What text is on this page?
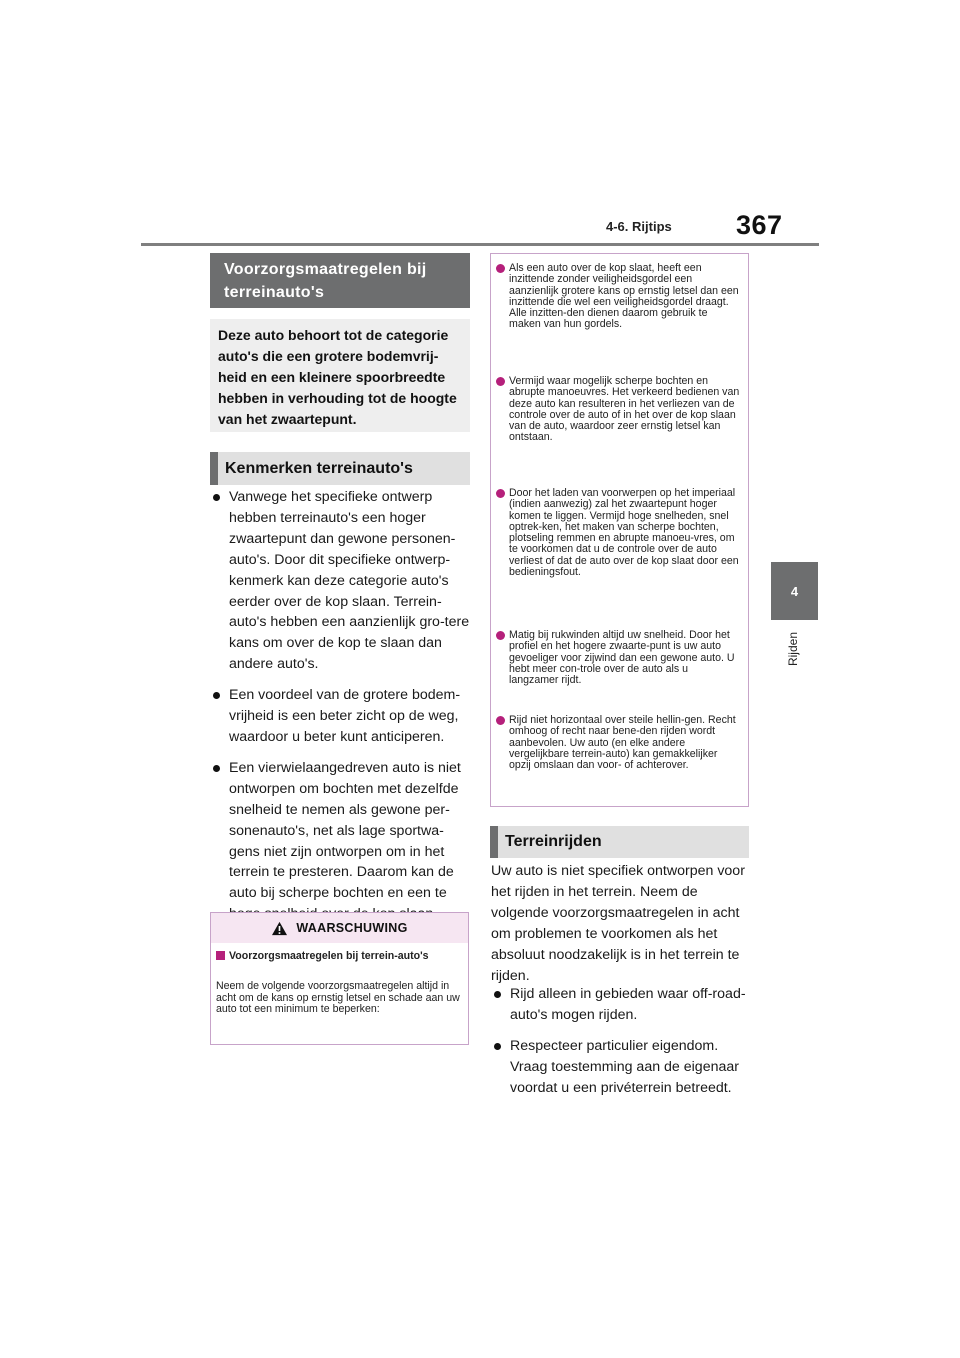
4-6. Rijtips 367
4
Rijden
Voorzorgsmaatregelen bij terreinauto's
Deze auto behoort tot de categorie auto's die een grotere bodemvrij-heid en een kleinere spoorbreedte hebben in verhouding tot de hoogte van het zwaartepunt.
Kenmerken terreinauto's
Vanwege het specifieke ontwerp hebben terreinauto's een hoger zwaartepunt dan gewone personen-auto's. Door dit specifieke ontwerp-kenmerk kan deze categorie auto's eerder over de kop slaan. Terrein-auto's hebben een aanzienlijk gro-tere kans om over de kop te slaan dan andere auto's.
Een voordeel van de grotere bodem-vrijheid is een beter zicht op de weg, waardoor u beter kunt anticiperen.
Een vierwielaangedreven auto is niet ontworpen om bochten met dezelfde snelheid te nemen als gewone per-sonenauto's, net als lage sportwa-gens niet zijn ontworpen om in het terrein te presteren. Daarom kan de auto bij scherpe bochten en een te
WAARSCHUWING
Voorzorgsmaatregelen bij terrein-auto's
Neem de volgende voorzorgsmaatregelen altijd in acht om de kans op ernstig letsel en schade aan uw auto tot een minimum te beperken:
Als een auto over de kop slaat, heeft een inzittende zonder veiligheidsgordel een aanzienlijk grotere kans op ernstig letsel dan een inzittende die wel een veiligheidsgordel draagt. Alle inzitten-den dienen daarom gebruik te maken van hun gordels.
Vermijd waar mogelijk scherpe bochten en abrupte manoeuvres. Het verkeerd bedienen van deze auto kan resulteren in het verliezen van de controle over de auto of in het over de kop slaan van de auto, waardoor zeer ernstig letsel kan ontstaan.
Door het laden van voorwerpen op het imperiaal (indien aanwezig) zal het zwaartepunt hoger komen te liggen. Vermijd hoge snelheden, snel optrek-ken, het maken van scherpe bochten, plotseling remmen en abrupte manoeu-vres, om te voorkomen dat u de controle over de auto verliest of dat de auto over de kop slaat door een bedieningsfout.
Matig bij rukwinden altijd uw snelheid. Door het profiel en het hogere zwaarte-punt is uw auto gevoeliger voor zijwind dan een gewone auto. U hebt meer con-trole over de auto als u langzamer rijdt.
Rijd niet horizontaal over steile hellin-gen. Recht omhoog of recht naar bene-den rijden wordt aanbevolen. Uw auto (en elke andere vergelijkbare terrein-auto) kan gemakkelijker opzij omslaan dan voor- of achterover.
Terreinrijden
Uw auto is niet specifiek ontworpen voor het rijden in het terrein. Neem de volgende voorzorgsmaatregelen in acht om problemen te voorkomen als het absoluut noodzakelijk is in het terrein te rijden.
Rijd alleen in gebieden waar off-road-auto's mogen rijden.
Respecteer particulier eigendom. Vraag toestemming aan de eigenaar voordat u een privéterrein betreedt.
